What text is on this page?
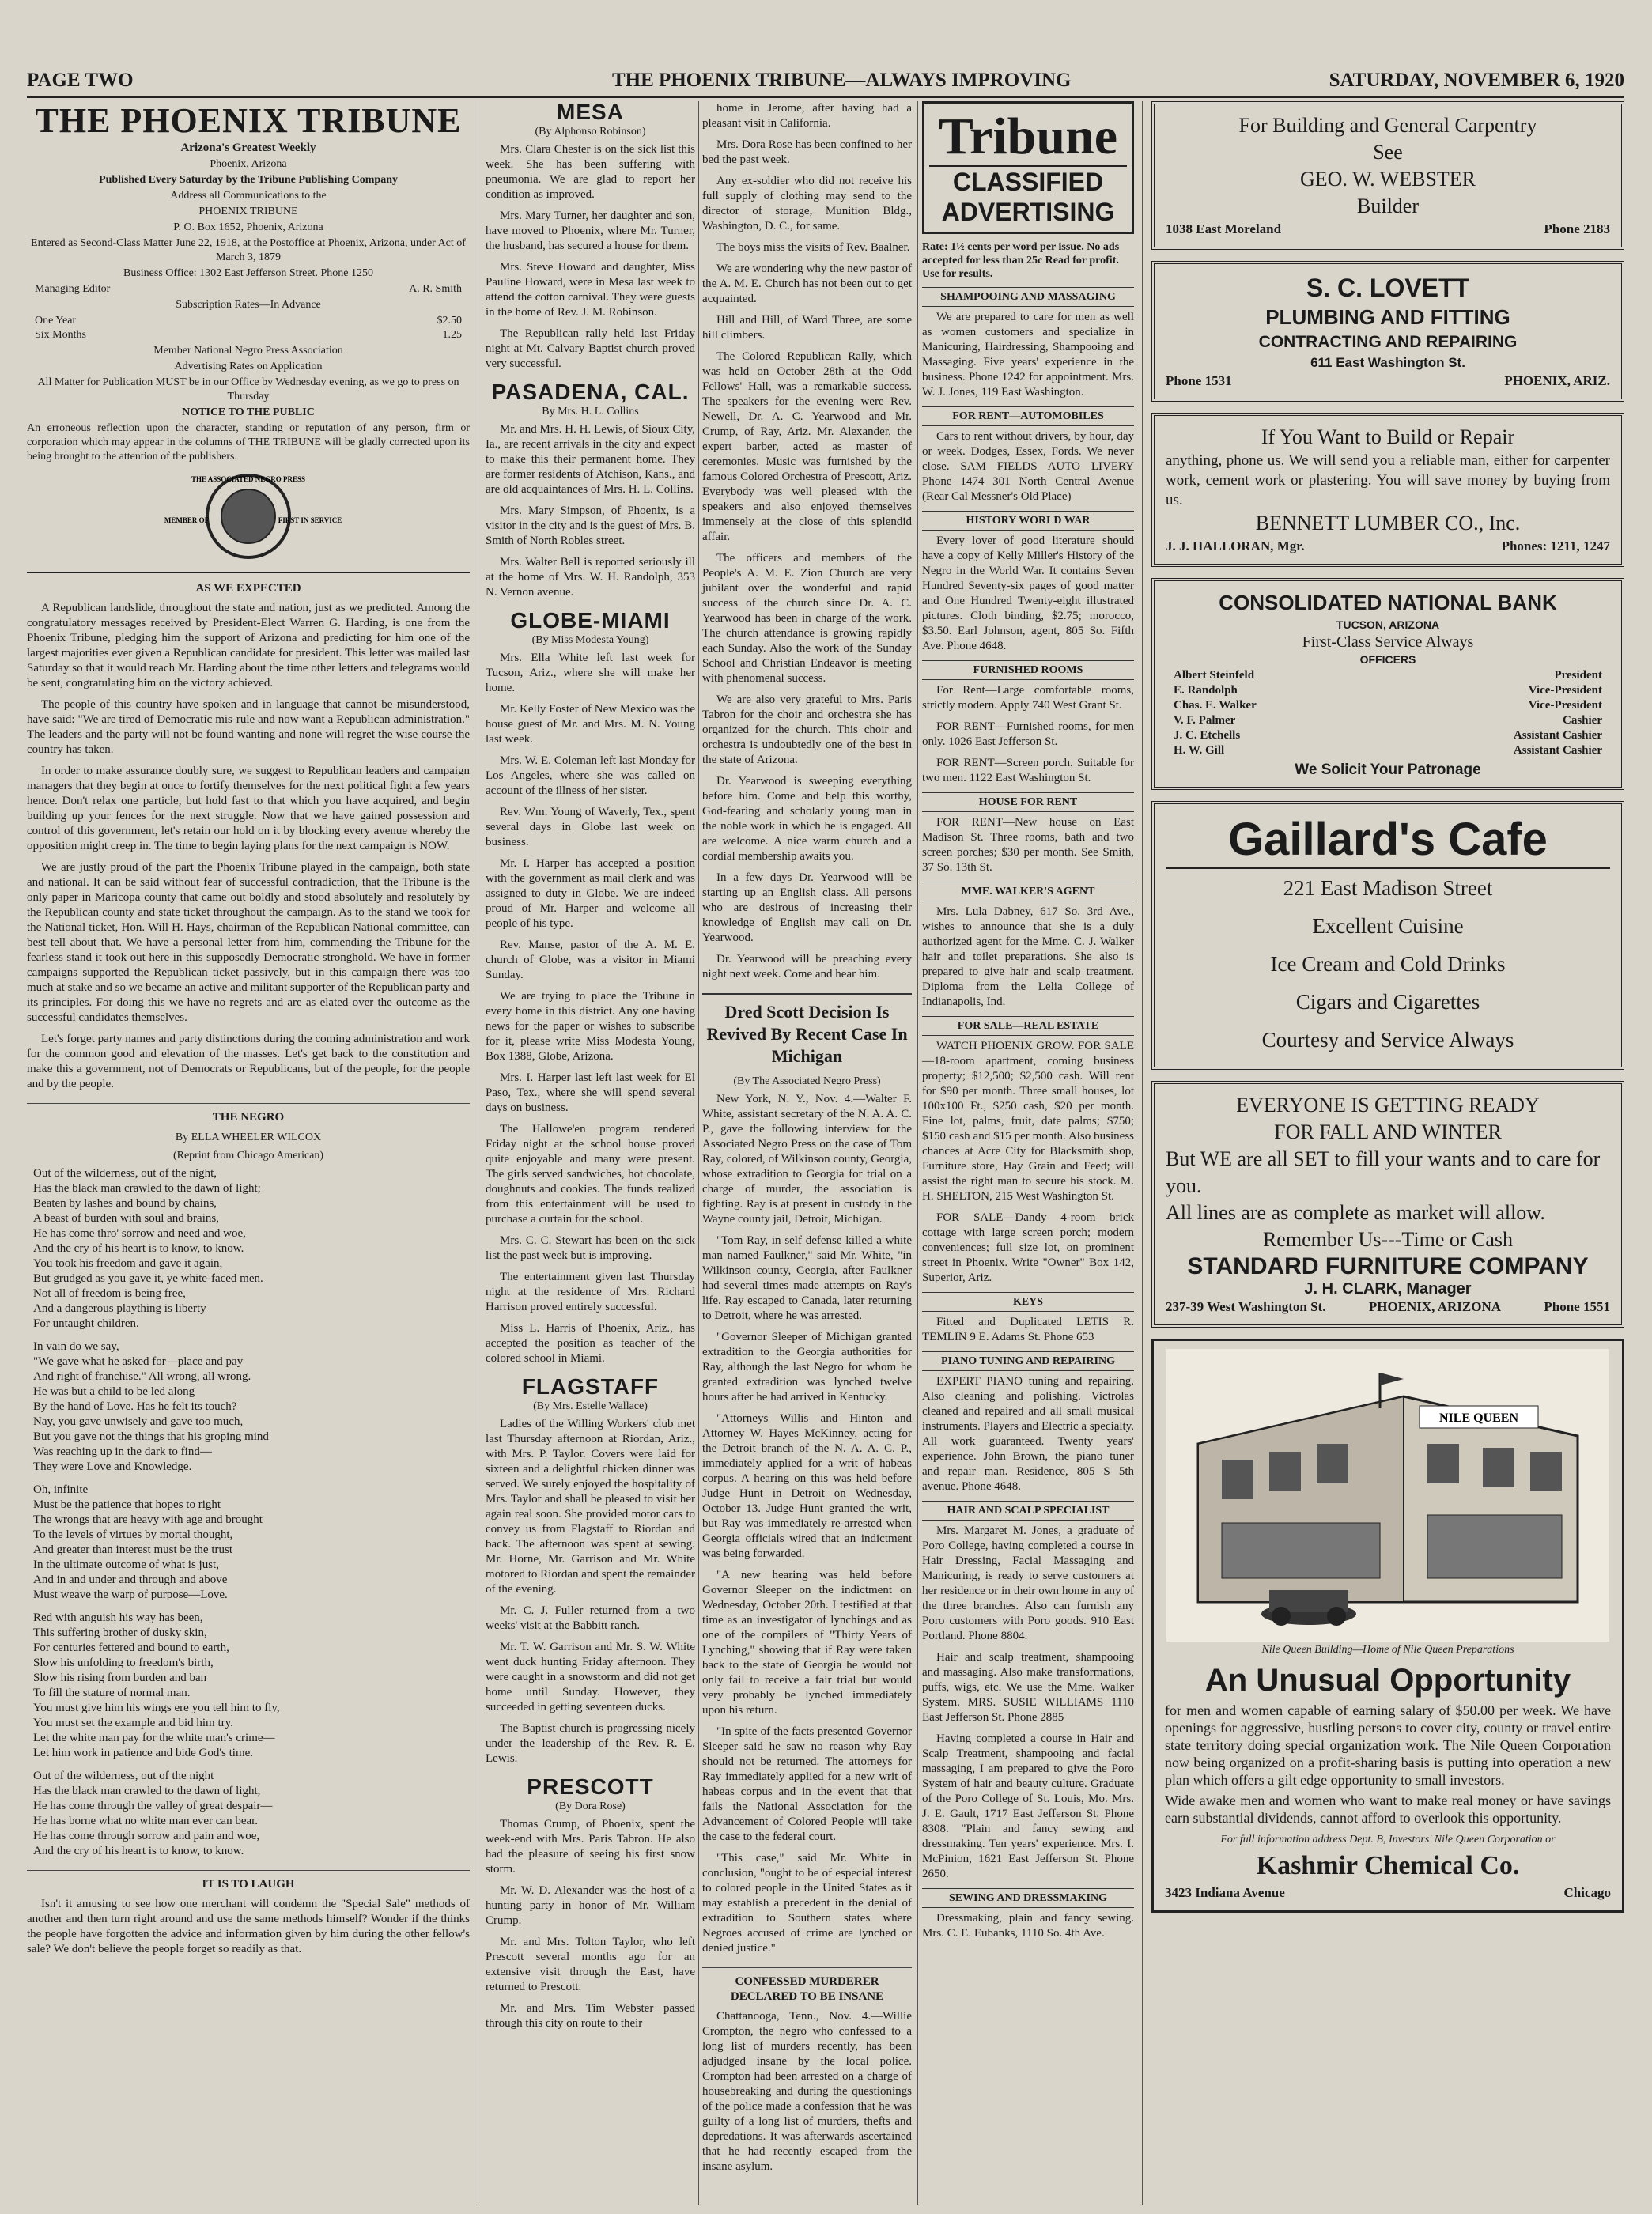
PAGE TWO	THE PHOENIX TRIBUNE—ALWAYS IMPROVING	SATURDAY, NOVEMBER 6, 1920
THE PHOENIX TRIBUNE
Arizona's Greatest Weekly
Phoenix, Arizona
Published Every Saturday by the Tribune Publishing Company
Address all Communications to the
PHOENIX TRIBUNE
P. O. Box 1652, Phoenix, Arizona
Entered as Second-Class Matter June 22, 1918, at the Postoffice at Phoenix, Arizona, under Act of March 3, 1879
Business Office: 1302 East Jefferson Street. Phone 1250
Managing Editor	A. R. Smith
Subscription Rates—In Advance
One Year	$2.50
Six Months	1.25
Member National Negro Press Association
Advertising Rates on Application
All Matter for Publication MUST be in our Office by Wednesday evening, as we go to press on Thursday
NOTICE TO THE PUBLIC
An erroneous reflection upon the character, standing or reputation of any person, firm or corporation which may appear in the columns of THE TRIBUNE will be gladly corrected upon its being brought to the attention of the publishers.
THE ASSOCIATED NEGRO PRESS
MEMBER OF	FIRST IN SERVICE
AS WE EXPECTED

A Republican landslide, throughout the state and nation, just as we predicted. Among the congratulatory messages received by President-Elect Warren G. Harding, is one from the Phoenix Tribune, pledging him the support of Arizona and predicting for him one of the largest majorities ever given a Republican candidate for president. This letter was mailed last Saturday so that it would reach Mr. Harding about the time other letters and telegrams would be sent, congratulating him on the victory achieved.

The people of this country have spoken and in language that cannot be misunderstood, have said: "We are tired of Democratic mis-rule and now want a Republican administration." The leaders and the party will not be found wanting and none will regret the wise course the country has taken.

In order to make assurance doubly sure, we suggest to Republican leaders and campaign managers that they begin at once to fortify themselves for the next political fight a few years hence. Don't relax one particle, but hold fast to that which you have acquired, and begin building up your fences for the next struggle. Now that we have gained possession and control of this government, let's retain our hold on it by blocking every avenue whereby the opposition might creep in. The time to begin laying plans for the next campaign is NOW.

We are justly proud of the part the Phoenix Tribune played in the campaign, both state and national. It can be said without fear of successful contradiction, that the Tribune is the only paper in Maricopa county that came out boldly and stood absolutely and resolutely by the Republican county and state ticket throughout the campaign. As to the stand we took for the National ticket, Hon. Will H. Hays, chairman of the Republican National committee, can best tell about that. We have a personal letter from him, commending the Tribune for the fearless stand it took out here in this supposedly Democratic stronghold. We have in former campaigns supported the Republican ticket passively, but in this campaign there was too much at stake and so we became an active and militant supporter of the Republican party and its principles. For doing this we have no regrets and are as elated over the outcome as the successful candidates themselves.

Let's forget party names and party distinctions during the coming administration and work for the common good and elevation of the masses. Let's get back to the constitution and make this a government, not of Democrats or Republicans, but of the people, for the people and by the people.

THE NEGRO
By ELLA WHEELER WILCOX
(Reprint from Chicago American)
Out of the wilderness, out of the night,
Has the black man crawled to the dawn of light;
Beaten by lashes and bound by chains,
A beast of burden with soul and brains,
He has come thro' sorrow and need and woe,
And the cry of his heart is to know, to know.
You took his freedom and gave it again,
But grudged as you gave it, ye white-faced men.
Not all of freedom is being free,
And a dangerous plaything is liberty
For untaught children.
In vain do we say,
"We gave what he asked for—place and pay
And right of franchise." All wrong, all wrong.
He was but a child to be led along
By the hand of Love. Has he felt its touch?
Nay, you gave unwisely and gave too much,
But you gave not the things that his groping mind
Was reaching up in the dark to find—
They were Love and Knowledge.
Oh, infinite
Must be the patience that hopes to right
The wrongs that are heavy with age and brought
To the levels of virtues by mortal thought,
And greater than interest must be the trust
In the ultimate outcome of what is just,
And in and under and through and above
Must weave the warp of purpose—Love.
Red with anguish his way has been,
This suffering brother of dusky skin,
For centuries fettered and bound to earth,
Slow his unfolding to freedom's birth,
Slow his rising from burden and ban
To fill the stature of normal man.
You must give him his wings ere you tell him to fly,
You must set the example and bid him try.
Let the white man pay for the white man's crime—
Let him work in patience and bide God's time.
Out of the wilderness, out of the night
Has the black man crawled to the dawn of light,
He has come through the valley of great despair—
He has borne what no white man ever can bear.
He has come through sorrow and pain and woe,
And the cry of his heart is to know, to know.
IT IS TO LAUGH

Isn't it amusing to see how one merchant will condemn the "Special Sale" methods of another and then turn right around and use the same methods himself? Wonder if the thinks the people have forgotten the advice and information given by him during the other fellow's sale? We don't believe the people forget so readily as that.

MESA
(By Alphonso Robinson)

Mrs. Clara Chester is on the sick list this week. She has been suffering with pneumonia. We are glad to report her condition as improved.

Mrs. Mary Turner, her daughter and son, have moved to Phoenix, where Mr. Turner, the husband, has secured a house for them.

Mrs. Steve Howard and daughter, Miss Pauline Howard, were in Mesa last week to attend the cotton carnival. They were guests in the home of Rev. J. M. Robinson.

The Republican rally held last Friday night at Mt. Calvary Baptist church proved very successful.

PASADENA, CAL.
By Mrs. H. L. Collins

Mr. and Mrs. H. H. Lewis, of Sioux City, Ia., are recent arrivals in the city and expect to make this their permanent home. They are former residents of Atchison, Kans., and are old acquaintances of Mrs. H. L. Collins.

Mrs. Mary Simpson, of Phoenix, is a visitor in the city and is the guest of Mrs. B. Smith of North Robles street.

Mrs. Walter Bell is reported seriously ill at the home of Mrs. W. H. Randolph, 353 N. Vernon avenue.

GLOBE-MIAMI
(By Miss Modesta Young)

Mrs. Ella White left last week for Tucson, Ariz., where she will make her home.

Mr. Kelly Foster of New Mexico was the house guest of Mr. and Mrs. M. N. Young last week.

Mrs. W. E. Coleman left last Monday for Los Angeles, where she was called on account of the illness of her sister.

Rev. Wm. Young of Waverly, Tex., spent several days in Globe last week on business.

Mr. I. Harper has accepted a position with the government as mail clerk and was assigned to duty in Globe. We are indeed proud of Mr. Harper and welcome all people of his type.

Rev. Manse, pastor of the A. M. E. church of Globe, was a visitor in Miami Sunday.

We are trying to place the Tribune in every home in this district. Any one having news for the paper or wishes to subscribe for it, please write Miss Modesta Young, Box 1388, Globe, Arizona.

Mrs. I. Harper last left last week for El Paso, Tex., where she will spend several days on business.

The Hallowe'en program rendered Friday night at the school house proved quite enjoyable and many were present. The girls served sandwiches, hot chocolate, doughnuts and cookies. The funds realized from this entertainment will be used to purchase a curtain for the school.

Mrs. C. C. Stewart has been on the sick list the past week but is improving.

The entertainment given last Thursday night at the residence of Mrs. Richard Harrison proved entirely successful.

Miss L. Harris of Phoenix, Ariz., has accepted the position as teacher of the colored school in Miami.

FLAGSTAFF
(By Mrs. Estelle Wallace)

Ladies of the Willing Workers' club met last Thursday afternoon at Riordan, Ariz., with Mrs. P. Taylor. Covers were laid for sixteen and a delightful chicken dinner was served. We surely enjoyed the hospitality of Mrs. Taylor and shall be pleased to visit her again real soon. She provided motor cars to convey us from Flagstaff to Riordan and back. The afternoon was spent at sewing. Mr. Horne, Mr. Garrison and Mr. White motored to Riordan and spent the remainder of the evening.

Mr. C. J. Fuller returned from a two weeks' visit at the Babbitt ranch.

Mr. T. W. Garrison and Mr. S. W. White went duck hunting Friday afternoon. They were caught in a snowstorm and did not get home until Sunday. However, they succeeded in getting seventeen ducks.

The Baptist church is progressing nicely under the leadership of the Rev. R. E. Lewis.

PRESCOTT
(By Dora Rose)

Thomas Crump, of Phoenix, spent the week-end with Mrs. Paris Tabron. He also had the pleasure of seeing his first snow storm.

Mr. W. D. Alexander was the host of a hunting party in honor of Mr. William Crump.

Mr. and Mrs. Tolton Taylor, who left Prescott several months ago for an extensive visit through the East, have returned to Prescott.

Mr. and Mrs. Tim Webster passed through this city on route to their

home in Jerome, after having had a pleasant visit in California.

Mrs. Dora Rose has been confined to her bed the past week.

Any ex-soldier who did not receive his full supply of clothing may send to the director of storage, Munition Bldg., Washington, D. C., for same.

The boys miss the visits of Rev. Baalner.

We are wondering why the new pastor of the A. M. E. Church has not been out to get acquainted.

Hill and Hill, of Ward Three, are some hill climbers.

The Colored Republican Rally, which was held on October 28th at the Odd Fellows' Hall, was a remarkable success. The speakers for the evening were Rev. Newell, Dr. A. C. Yearwood and Mr. Crump, of Ray, Ariz. Mr. Alexander, the expert barber, acted as master of ceremonies. Music was furnished by the famous Colored Orchestra of Prescott, Ariz. Everybody was well pleased with the speakers and also enjoyed themselves immensely at the close of this splendid affair.

The officers and members of the People's A. M. E. Zion Church are very jubilant over the wonderful and rapid success of the church since Dr. A. C. Yearwood has been in charge of the work. The church attendance is growing rapidly each Sunday. Also the work of the Sunday School and Christian Endeavor is meeting with phenomenal success.

We are also very grateful to Mrs. Paris Tabron for the choir and orchestra she has organized for the church. This choir and orchestra is undoubtedly one of the best in the state of Arizona.

Dr. Yearwood is sweeping everything before him. Come and help this worthy, God-fearing and scholarly young man in the noble work in which he is engaged. All are welcome. A nice warm church and a cordial membership awaits you.

In a few days Dr. Yearwood will be starting up an English class. All persons who are desirous of increasing their knowledge of English may call on Dr. Yearwood.

Dr. Yearwood will be preaching every night next week. Come and hear him.

Dred Scott Decision Is Revived By Recent Case In Michigan
(By The Associated Negro Press)

New York, N. Y., Nov. 4.—Walter F. White, assistant secretary of the N. A. A. C. P., gave the following interview for the Associated Negro Press on the case of Tom Ray, colored, of Wilkinson county, Georgia, whose extradition to Georgia for trial on a charge of murder, the association is fighting. Ray is at present in custody in the Wayne county jail, Detroit, Michigan.

"Tom Ray, in self defense killed a white man named Faulkner," said Mr. White, "in Wilkinson county, Georgia, after Faulkner had several times made attempts on Ray's life. Ray escaped to Canada, later returning to Detroit, where he was arrested.

"Governor Sleeper of Michigan granted extradition to the Georgia authorities for Ray, although the last Negro for whom he granted extradition was lynched twelve hours after he had arrived in Kentucky.

"Attorneys Willis and Hinton and Attorney W. Hayes McKinney, acting for the Detroit branch of the N. A. A. C. P., immediately applied for a writ of habeas corpus. A hearing on this was held before Judge Hunt in Detroit on Wednesday, October 13. Judge Hunt granted the writ, but Ray was immediately re-arrested when Georgia officials wired that an indictment was being forwarded.

"A new hearing was held before Governor Sleeper on the indictment on Wednesday, October 20th. I testified at that time as an investigator of lynchings and as one of the compilers of "Thirty Years of Lynching," showing that if Ray were taken back to the state of Georgia he would not only fail to receive a fair trial but would very probably be lynched immediately upon his return.

"In spite of the facts presented Governor Sleeper said he saw no reason why Ray should not be returned. The attorneys for Ray immediately applied for a new writ of habeas corpus and in the event that that fails the National Association for the Advancement of Colored People will take the case to the federal court.

"This case," said Mr. White in conclusion, "ought to be of especial interest to colored people in the United States as it may establish a precedent in the denial of extradition to Southern states where Negroes accused of crime are lynched or denied justice."

CONFESSED MURDERER DECLARED TO BE INSANE

Chattanooga, Tenn., Nov. 4.—Willie Crompton, the negro who confessed to a long list of murders recently, has been adjudged insane by the local police. Crompton had been arrested on a charge of housebreaking and during the questionings of the police made a confession that he was guilty of a long list of murders, thefts and depredations. It was afterwards ascertained that he had recently escaped from the insane asylum.

Tribune
CLASSIFIED
ADVERTISING
Rate: 1½ cents per word per issue. No ads accepted for less than 25c Read for profit. Use for results.
SHAMPOOING AND MASSAGING

We are prepared to care for men as well as women customers and specialize in Manicuring, Hairdressing, Shampooing and Massaging. Five years' experience in the business. Phone 1242 for appointment. Mrs. W. J. Jones, 119 East Washington.

FOR RENT—AUTOMOBILES

Cars to rent without drivers, by hour, day or week. Dodges, Essex, Fords. We never close. SAM FIELDS AUTO LIVERY Phone 1474 301 North Central Avenue (Rear Cal Messner's Old Place)

HISTORY WORLD WAR

Every lover of good literature should have a copy of Kelly Miller's History of the Negro in the World War. It contains Seven Hundred Seventy-six pages of good matter and One Hundred Twenty-eight illustrated pictures. Cloth binding, $2.75; morocco, $3.50. Earl Johnson, agent, 805 So. Fifth Ave. Phone 4648.

FURNISHED ROOMS

For Rent—Large comfortable rooms, strictly modern. Apply 740 West Grant St.

FOR RENT—Furnished rooms, for men only. 1026 East Jefferson St.

FOR RENT—Screen porch. Suitable for two men. 1122 East Washington St.

HOUSE FOR RENT

FOR RENT—New house on East Madison St. Three rooms, bath and two screen porches; $30 per month. See Smith, 37 So. 13th St.

MME. WALKER'S AGENT

Mrs. Lula Dabney, 617 So. 3rd Ave., wishes to announce that she is a duly authorized agent for the Mme. C. J. Walker hair and toilet preparations. She also is prepared to give hair and scalp treatment. Diploma from the Lelia College of Indianapolis, Ind.

FOR SALE—REAL ESTATE

WATCH PHOENIX GROW. FOR SALE—18-room apartment, coming business property; $12,500; $2,500 cash. Will rent for $90 per month. Three small houses, lot 100x100 Ft., $250 cash, $20 per month. Fine lot, palms, fruit, date palms; $750; $150 cash and $15 per month. Also business chances at Acre City for Blacksmith shop, Furniture store, Hay Grain and Feed; will assist the right man to secure his stock. M. H. SHELTON, 215 West Washington St.

FOR SALE—Dandy 4-room brick cottage with large screen porch; modern conveniences; full size lot, on prominent street in Phoenix. Write "Owner" Box 142, Superior, Ariz.

KEYS

Fitted and Duplicated LETIS R. TEMLIN 9 E. Adams St. Phone 653

PIANO TUNING AND REPAIRING

EXPERT PIANO tuning and repairing. Also cleaning and polishing. Victrolas cleaned and repaired and all small musical instruments. Players and Electric a specialty. All work guaranteed. Twenty years' experience. John Brown, the piano tuner and repair man. Residence, 805 S 5th avenue. Phone 4648.

HAIR AND SCALP SPECIALIST

Mrs. Margaret M. Jones, a graduate of Poro College, having completed a course in Hair Dressing, Facial Massaging and Manicuring, is ready to serve customers at her residence or in their own home in any of the three branches. Also can furnish any Poro customers with Poro goods. 910 East Portland. Phone 8804.

Hair and scalp treatment, shampooing and massaging. Also make transformations, puffs, wigs, etc. We use the Mme. Walker System. MRS. SUSIE WILLIAMS 1110 East Jefferson St. Phone 2885

Having completed a course in Hair and Scalp Treatment, shampooing and facial massaging, I am prepared to give the Poro System of hair and beauty culture. Graduate of the Poro College of St. Louis, Mo. Mrs. J. E. Gault, 1717 East Jefferson St. Phone 8308. "Plain and fancy sewing and dressmaking. Ten years' experience. Mrs. I. McPinion, 1621 East Jefferson St. Phone 2650.

SEWING AND DRESSMAKING

Dressmaking, plain and fancy sewing. Mrs. C. E. Eubanks, 1110 So. 4th Ave.

For Building and General Carpentry
See
GEO. W. WEBSTER
Builder
1038 East Moreland	Phone 2183
S. C. LOVETT
PLUMBING AND FITTING
CONTRACTING AND REPAIRING
611 East Washington St.
Phone 1531	PHOENIX, ARIZ.
If You Want to Build or Repair
anything, phone us. We will send you a reliable man, either for carpenter work, cement work or plastering. You will save money by buying from us.
BENNETT LUMBER CO., Inc.
J. J. HALLORAN, Mgr.	Phones: 1211, 1247
CONSOLIDATED NATIONAL BANK
TUCSON, ARIZONA
First-Class Service Always
OFFICERS
Albert Steinfeld	President
E. Randolph	Vice-President
Chas. E. Walker	Vice-President
V. F. Palmer	Cashier
J. C. Etchells	Assistant Cashier
H. W. Gill	Assistant Cashier
We Solicit Your Patronage
Gaillard's Cafe
221 East Madison Street
Excellent Cuisine
Ice Cream and Cold Drinks
Cigars and Cigarettes
Courtesy and Service Always
EVERYONE IS GETTING READY
FOR FALL AND WINTER
But WE are all SET to fill your wants and to care for you.
All lines are as complete as market will allow.
Remember Us---Time or Cash
STANDARD FURNITURE COMPANY
J. H. CLARK, Manager
237-39 West Washington St.	PHOENIX, ARIZONA	Phone 1551
NILE QUEEN
Nile Queen Building—Home of Nile Queen Preparations
An Unusual Opportunity
for men and women capable of earning salary of $50.00 per week. We have openings for aggressive, hustling persons to cover city, county or travel entire state territory doing special organization work. The Nile Queen Corporation now being organized on a profit-sharing basis is putting into operation a new plan which offers a gilt edge opportunity to small investors.
Wide awake men and women who want to make real money or have savings earn substantial dividends, cannot afford to overlook this opportunity.
For full information address Dept. B, Investors' Nile Queen Corporation or
Kashmir Chemical Co.
3423 Indiana Avenue	Chicago
